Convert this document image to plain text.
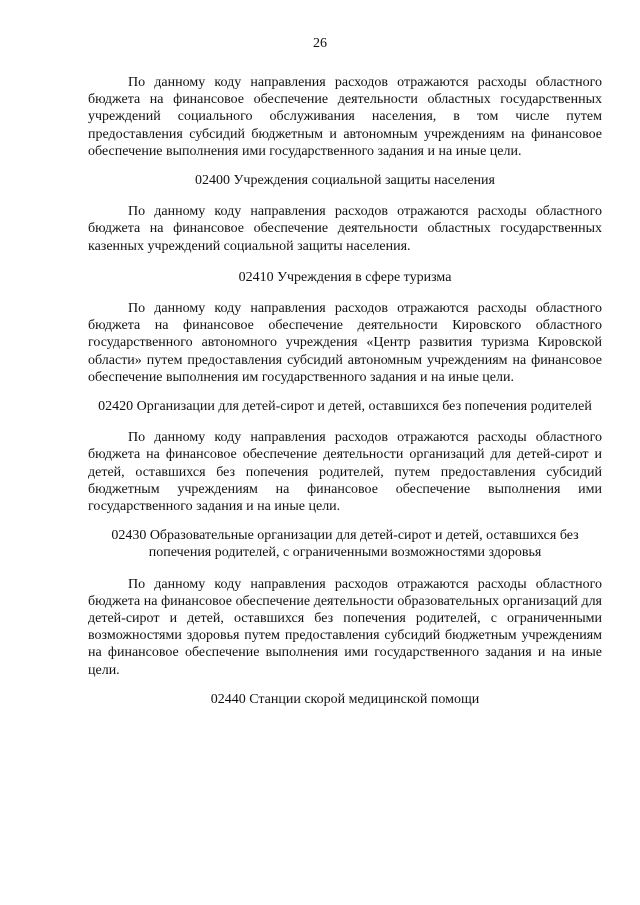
26

По данному коду направления расходов отражаются расходы областного бюджета на финансовое обеспечение деятельности областных государственных учреждений социального обслуживания населения, в том числе путем предоставления субсидий бюджетным и автономным учреждениям на финансовое обеспечение выполнения ими государственного задания и на иные цели.

02400 Учреждения социальной защиты населения

По данному коду направления расходов отражаются расходы областного бюджета на финансовое обеспечение деятельности областных государственных казенных учреждений социальной защиты населения.

02410 Учреждения в сфере туризма

По данному коду направления расходов отражаются расходы областного бюджета на финансовое обеспечение деятельности Кировского областного государственного автономного учреждения «Центр развития туризма Кировской области» путем предоставления субсидий автономным учреждениям на финансовое обеспечение выполнения им государственного задания и на иные цели.

02420 Организации для детей-сирот и детей, оставшихся без попечения родителей

По данному коду направления расходов отражаются расходы областного бюджета на финансовое обеспечение деятельности организаций для детей-сирот и детей, оставшихся без попечения родителей, путем предоставления субсидий бюджетным учреждениям на финансовое обеспечение выполнения ими государственного задания и на иные цели.

02430 Образовательные организации для детей-сирот и детей, оставшихся без попечения родителей, с ограниченными возможностями здоровья

По данному коду направления расходов отражаются расходы областного бюджета на финансовое обеспечение деятельности образовательных организаций для детей-сирот и детей, оставшихся без попечения родителей, с ограниченными возможностями здоровья путем предоставления субсидий бюджетным учреждениям на финансовое обеспечение выполнения ими государственного задания и на иные цели.

02440 Станции скорой медицинской помощи
